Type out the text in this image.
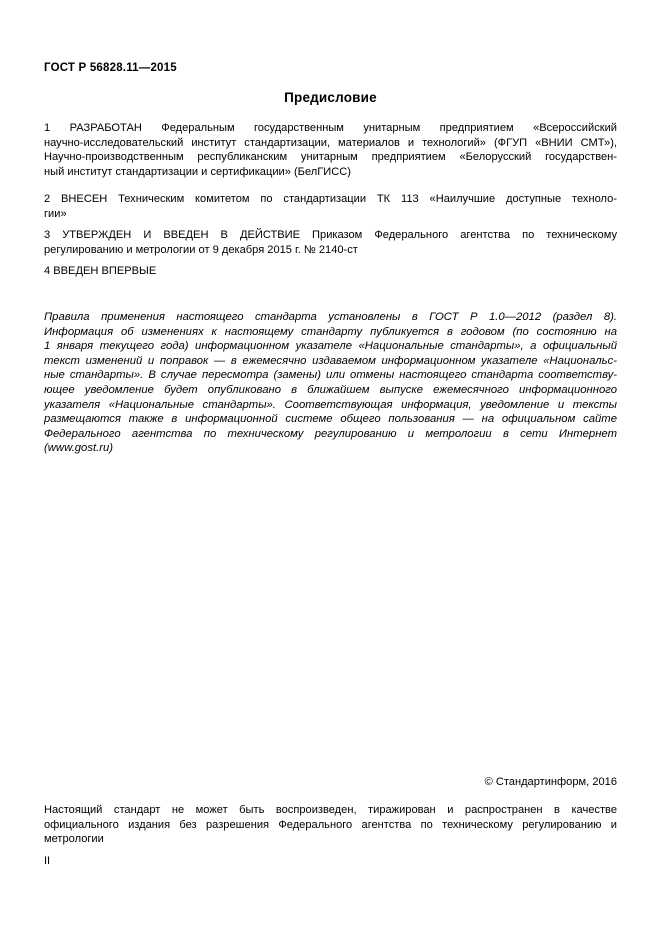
ГОСТ Р 56828.11—2015
Предисловие
1 РАЗРАБОТАН Федеральным государственным унитарным предприятием «Всероссийский
научно-исследовательский институт стандартизации, материалов и технологий» (ФГУП «ВНИИ СМТ»),
Научно-производственным республиканским унитарным предприятием «Белорусский государствен-
ный институт стандартизации и сертификации» (БелГИСС)
2 ВНЕСЕН Техническим комитетом по стандартизации ТК 113 «Наилучшие доступные техноло-
гии»
3 УТВЕРЖДЕН И ВВЕДЕН В ДЕЙСТВИЕ Приказом Федерального агентства по техническому
регулированию и метрологии от 9 декабря 2015 г. № 2140-ст
4 ВВЕДЕН ВПЕРВЫЕ
Правила применения настоящего стандарта установлены в ГОСТ Р 1.0—2012 (раздел 8).
Информация об изменениях к настоящему стандарту публикуется в годовом (по состоянию на
1 января текущего года) информационном указателе «Национальные стандарты», а официальный
текст изменений и поправок — в ежемесячно издаваемом информационном указателе «Национальc-
ные стандарты». В случае пересмотра (замены) или отмены настоящего стандарта соответству-
ющее уведомление будет опубликовано в ближайшем выпуске ежемесячного информационного
указателя «Национальные стандарты». Соответствующая информация, уведомление и тексты
размещаются также в информационной системе общего пользования — на официальном сайте
Федерального агентства по техническому регулированию и метрологии в сети Интернет
(www.gost.ru)
© Стандартинформ, 2016
Настоящий стандарт не может быть воспроизведен, тиражирован и распространен в качестве
официального издания без разрешения Федерального агентства по техническому регулированию и
метрологии
II
